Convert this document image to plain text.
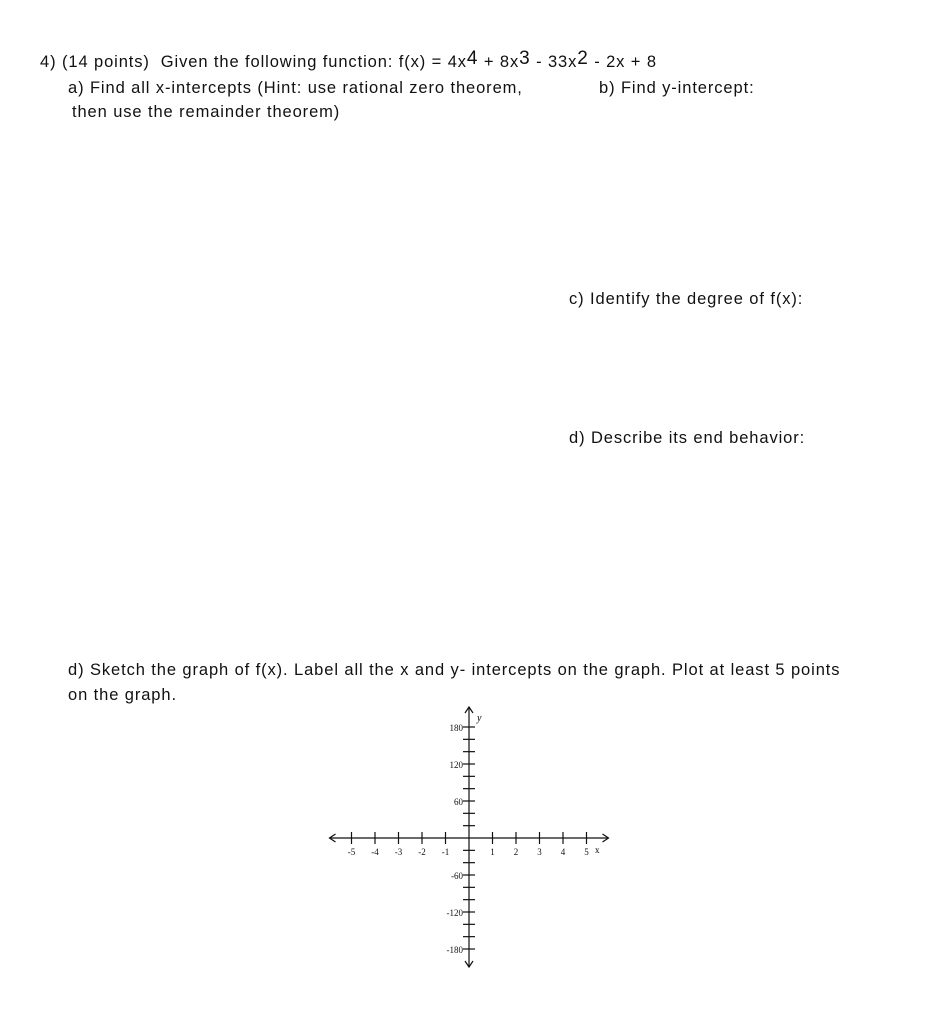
4) (14 points) Given the following function: $f(x) = 4x^4 + 8x^3 - 33x^2 - 2x + 8$
a) Find all x-intercepts (Hint: use rational zero theorem,
then use the remainder theorem)
b) Find y-intercept:
c) Identify the degree of f(x):
d) Describe its end behavior:
d) Sketch the graph of f(x). Label all the x and y- intercepts on the graph. Plot at least 5 points
on the graph.
-5 -4 -3 -2 -1	1 2 3 4 5
180
120
60
-60
-120
-180
y
x
